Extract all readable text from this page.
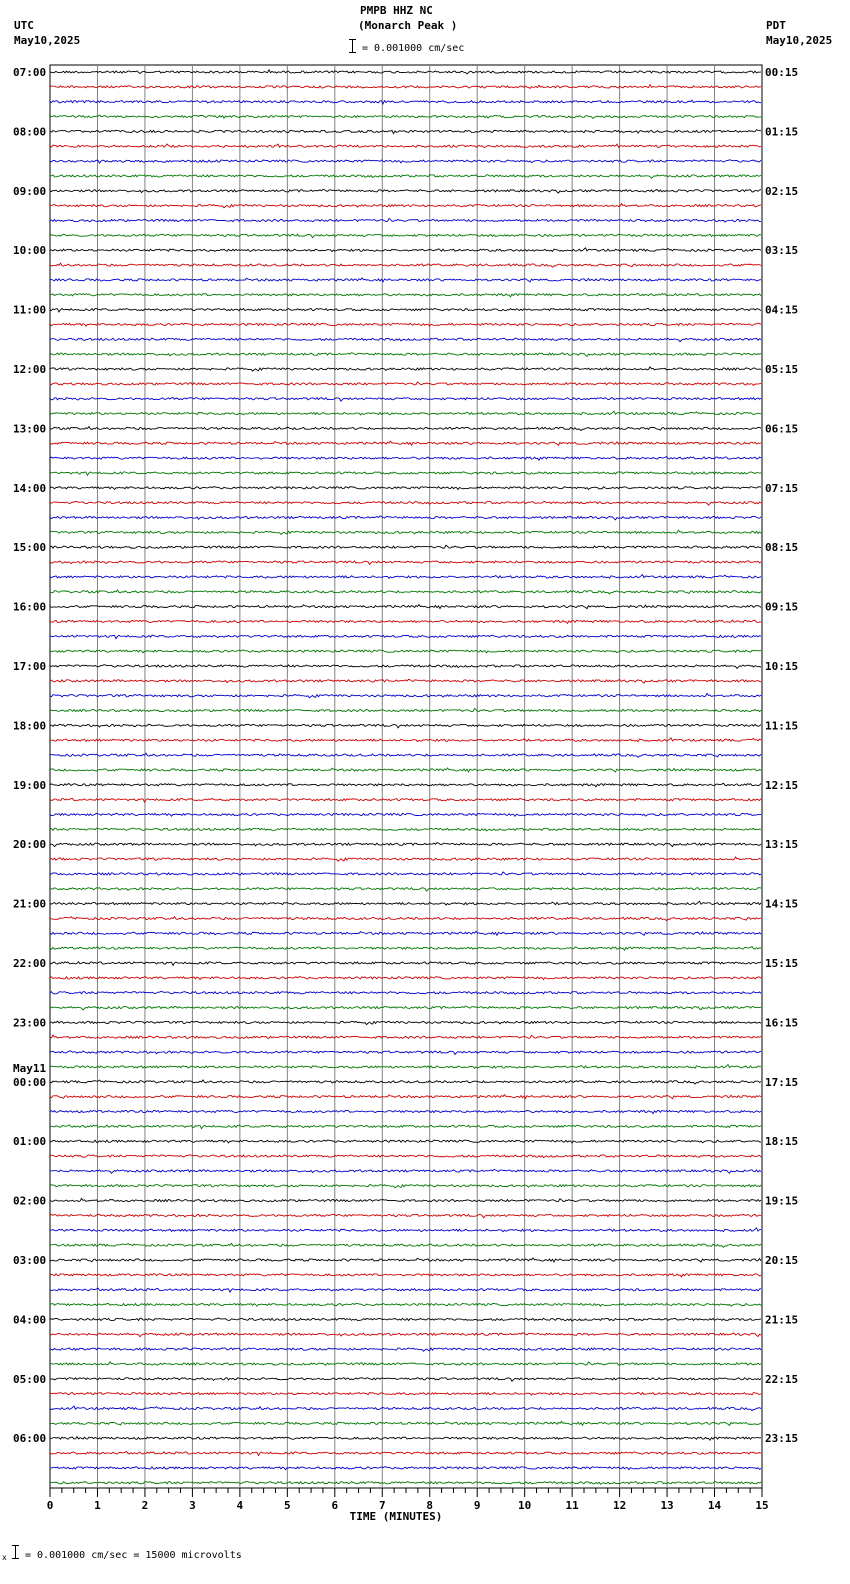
PMPB HHZ NC
(Monarch Peak )
= 0.001000 cm/sec
UTC
May10,2025
PDT
May10,2025
07:00
08:00
09:00
10:00
11:00
12:00
13:00
14:00
15:00
16:00
17:00
18:00
19:00
20:00
21:00
22:00
23:00
00:00
01:00
02:00
03:00
04:00
05:00
06:00
00:15
01:15
02:15
03:15
04:15
05:15
06:15
07:15
08:15
09:15
10:15
11:15
12:15
13:15
14:15
15:15
16:15
17:15
18:15
19:15
20:15
21:15
22:15
23:15
May11
0	1	2	3	4	5	6	7	8	9	10	11	12	13	14	15
TIME (MINUTES)
x = 0.001000 cm/sec = 15000 microvolts
